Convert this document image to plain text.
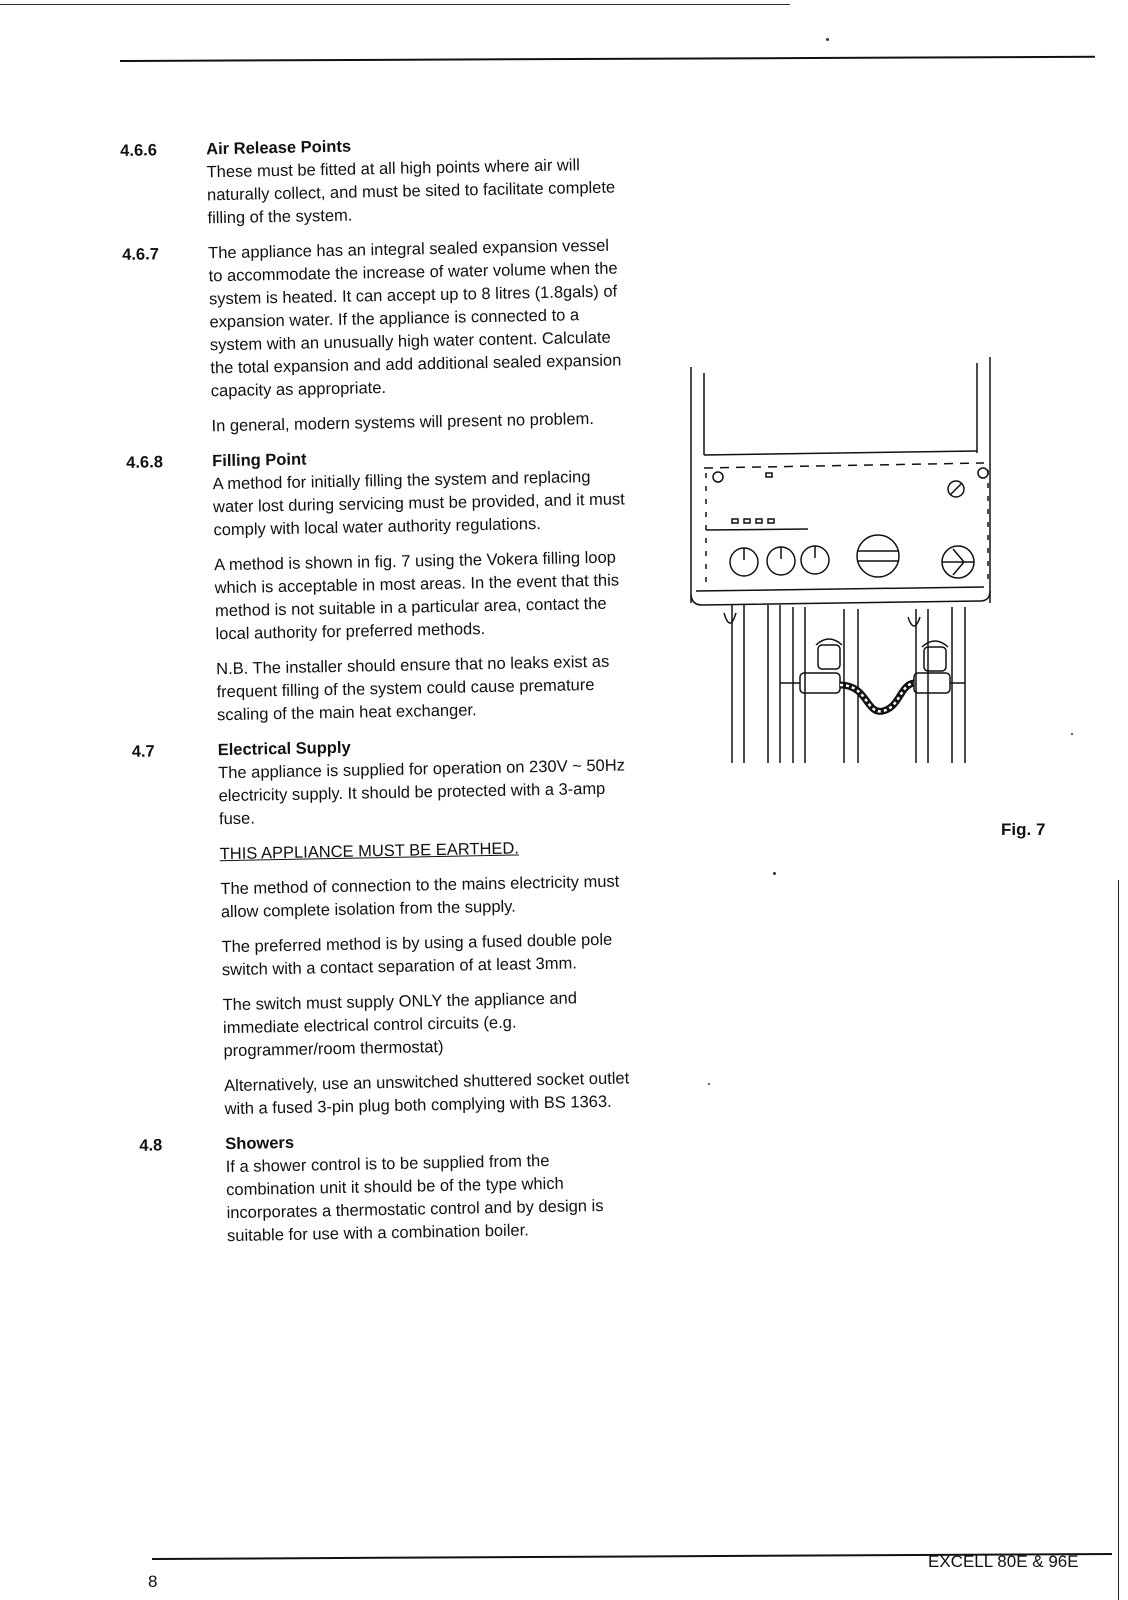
4.6.6	Air Release Points

These must be fitted at all high points where air will naturally collect, and must be sited to facilitate complete filling of the system.

4.6.7	The appliance has an integral sealed expansion vessel to accommodate the increase of water volume when the system is heated. It can accept up to 8 litres (1.8gals) of expansion water. If the appliance is connected to a system with an unusually high water content. Calculate the total expansion and add additional sealed expansion capacity as appropriate.

In general, modern systems will present no problem.

4.6.8	Filling Point

A method for initially filling the system and replacing water lost during servicing must be provided, and it must comply with local water authority regulations.

A method is shown in fig. 7 using the Vokera filling loop which is acceptable in most areas. In the event that this method is not suitable in a particular area, contact the local authority for preferred methods.

N.B. The installer should ensure that no leaks exist as frequent filling of the system could cause premature scaling of the main heat exchanger.

4.7	Electrical Supply

The appliance is supplied for operation on 230V ~ 50Hz electricity supply. It should be protected with a 3-amp fuse.

THIS APPLIANCE MUST BE EARTHED.

The method of connection to the mains electricity must allow complete isolation from the supply.

The preferred method is by using a fused double pole switch with a contact separation of at least 3mm.

The switch must supply ONLY the appliance and immediate electrical control circuits (e.g. programmer/room thermostat)

Alternatively, use an unswitched shuttered socket outlet with a fused 3-pin plug both complying with BS 1363.

4.8	Showers

If a shower control is to be supplied from the combination unit it should be of the type which incorporates a thermostatic control and by design is suitable for use with a combination boiler.

Fig. 7
8
EXCELL 80E & 96E
